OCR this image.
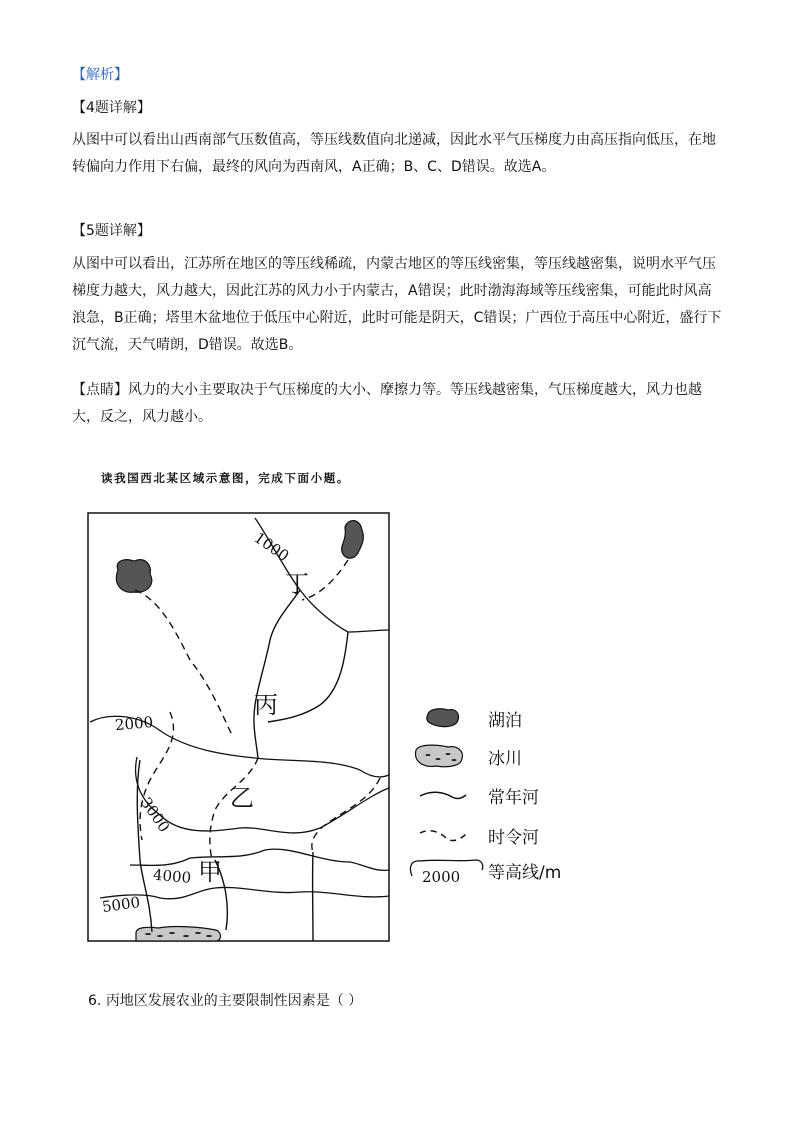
【解析】

【4题详解】

从图中可以看出山西南部气压数值高，等压线数值向北递减，因此水平气压梯度力由高压指向低压，在地转偏向力作用下右偏，最终的风向为西南风，A正确；B、C、D错误。故选A。

【5题详解】

从图中可以看出，江苏所在地区的等压线稀疏，内蒙古地区的等压线密集，等压线越密集，说明水平气压梯度力越大，风力越大，因此江苏的风力小于内蒙古，A错误；此时渤海海域等压线密集，可能此时风高浪急，B正确；塔里木盆地位于低压中心附近，此时可能是阴天，C错误；广西位于高压中心附近，盛行下沉气流，天气晴朗，D错误。故选B。

【点睛】风力的大小主要取决于气压梯度的大小、摩擦力等。等压线越密集，气压梯度越大，风力也越大，反之，风力越小。

读我国西北某区域示意图，完成下面小题。
1000
2000
3000
4000
5000
丁
丙
乙
甲
湖泊
冰川
常年河
时令河
2000 等高线/m
6. 丙地区发展农业的主要限制性因素是（ ）
